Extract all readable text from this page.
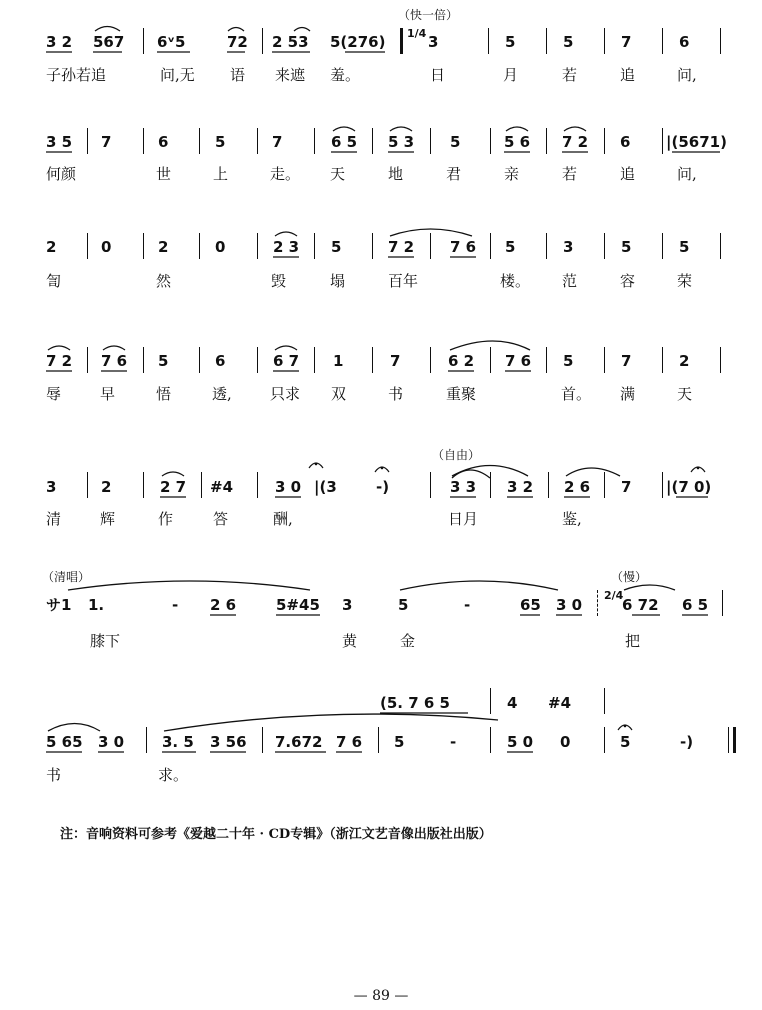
（快一倍）
3 2 567 6ᵛ5	72 2 53 5(276) 1/4 3	5	5	7	6
子孙若追	问,无 语 来遮 羞。	日	月	若	追	问,
3 5 7	6	5	7	6 5 5 3 5	5 6 7 2 6 |(5671)
何颜	世	上	走。 天	地	君	亲	若	追	问,
2	0	2	0	2 3 5	7 2 7 6 5	3	5	5
訇	然	毁	塌	百年	楼。 范	容	荣
7 2 7 6 5	6	6 7 1	7	6 2 7 6 5	7	2
辱	早	悟	透,	只求 双	书	重聚	首。 满	天
（自由）
3	2	2 7 #4	3 0 |(3	-)	3 3 3 2 2 6 7 |(7 0)
清	辉	作	答	酬,	日月	鉴,
（清唱）	（慢）
サ1 1.	- 2 6	5#45 3	5	-	65 3 0
2/4
6 72 6 5
膝下	黄	金	把
(5. 7 6 5	4 #4
5 65 3 0	3. 5 3 56 7.672 7 6 5	-	5 0 0	5	-)
书	求。
注：音响资料可参考《爱越二十年 · CD专辑》（浙江文艺音像出版社出版）
— 89 —
